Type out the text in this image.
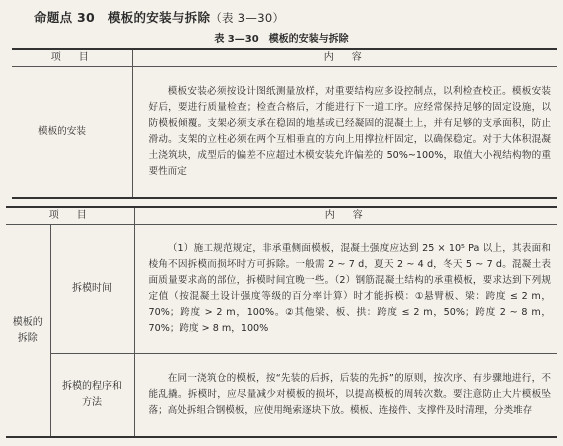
命题点 30　模板的安装与拆除（表 3—30）
表 3—30　模板的安装与拆除
项　目	内　容
模板的安装	模板安装必须按设计图纸测量放样，对重要结构应多设控制点，以利检查校正。模板安装好后，要进行质量检查；检查合格后，才能进行下一道工序。应经常保持足够的固定设施，以防模板倾覆。支架必须支承在稳固的地基或已经凝固的混凝土上，并有足够的支承面积，防止滑动。支架的立柱必须在两个互相垂直的方向上用撑拉杆固定，以确保稳定。对于大体积混凝土浇筑块，成型后的偏差不应超过木模安装允许偏差的 50%~100%，取值大小视结构物的重要性而定
项　目		内　容
模板的拆除	拆模时间	（1）施工规范规定，非承重侧面模板，混凝土强度应达到 25 × 10⁵ Pa 以上，其表面和棱角不因拆模而损坏时方可拆除。一般需 2 ~ 7 d，夏天 2 ~ 4 d，冬天 5 ~ 7 d。混凝土表面质量要求高的部位，拆模时间宜晚一些。（2）钢筋混凝土结构的承重模板，要求达到下列规定值（按混凝土设计强度等级的百分率计算）时才能拆模：①悬臂板、梁：跨度 ≤ 2 m，70%；跨度 > 2 m，100%。②其他梁、板、拱：跨度 ≤ 2 m，50%；跨度 2 ~ 8 m，70%；跨度 > 8 m，100%
	拆模的程序和方法	在同一浇筑仓的模板，按“先装的后拆，后装的先拆”的原则，按次序、有步骤地进行，不能乱撬。拆模时，应尽量减少对模板的损坏，以提高模板的周转次数。要注意防止大片模板坠落；高处拆组合钢模板，应使用绳索逐块下放。模板、连接件、支撑件及时清理，分类堆存
